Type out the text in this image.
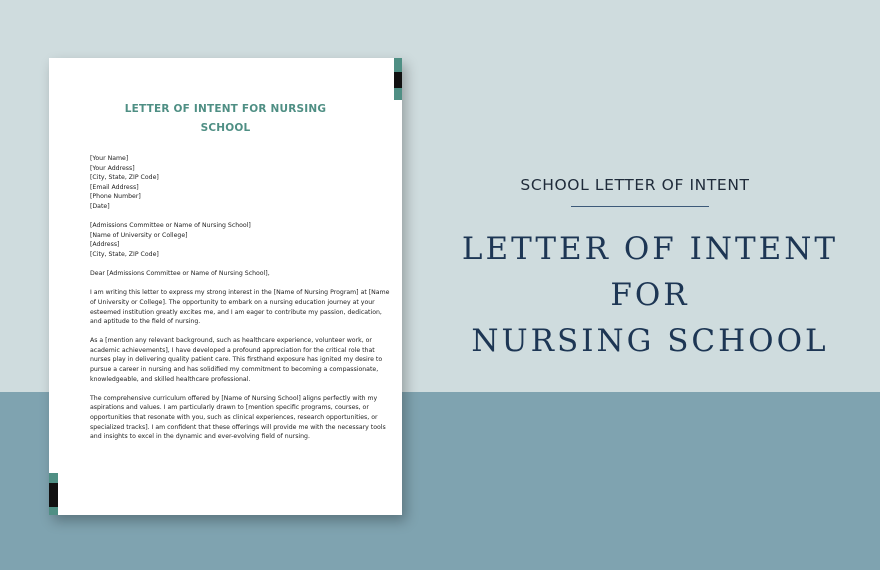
LETTER OF INTENT FOR NURSING
SCHOOL
[Your Name]
[Your Address]
[City, State, ZIP Code]
[Email Address]
[Phone Number]
[Date]
[Admissions Committee or Name of Nursing School]
[Name of University or College]
[Address]
[City, State, ZIP Code]
Dear [Admissions Committee or Name of Nursing School],
I am writing this letter to express my strong interest in the [Name of Nursing Program] at [Name
of University or College]. The opportunity to embark on a nursing education journey at your
esteemed institution greatly excites me, and I am eager to contribute my passion, dedication,
and aptitude to the field of nursing.
As a [mention any relevant background, such as healthcare experience, volunteer work, or
academic achievements], I have developed a profound appreciation for the critical role that
nurses play in delivering quality patient care. This firsthand exposure has ignited my desire to
pursue a career in nursing and has solidified my commitment to becoming a compassionate,
knowledgeable, and skilled healthcare professional.
The comprehensive curriculum offered by [Name of Nursing School] aligns perfectly with my
aspirations and values. I am particularly drawn to [mention specific programs, courses, or
opportunities that resonate with you, such as clinical experiences, research opportunities, or
specialized tracks]. I am confident that these offerings will provide me with the necessary tools
and insights to excel in the dynamic and ever-evolving field of nursing.
SCHOOL LETTER OF INTENT
LETTER OF INTENT FOR
NURSING SCHOOL
